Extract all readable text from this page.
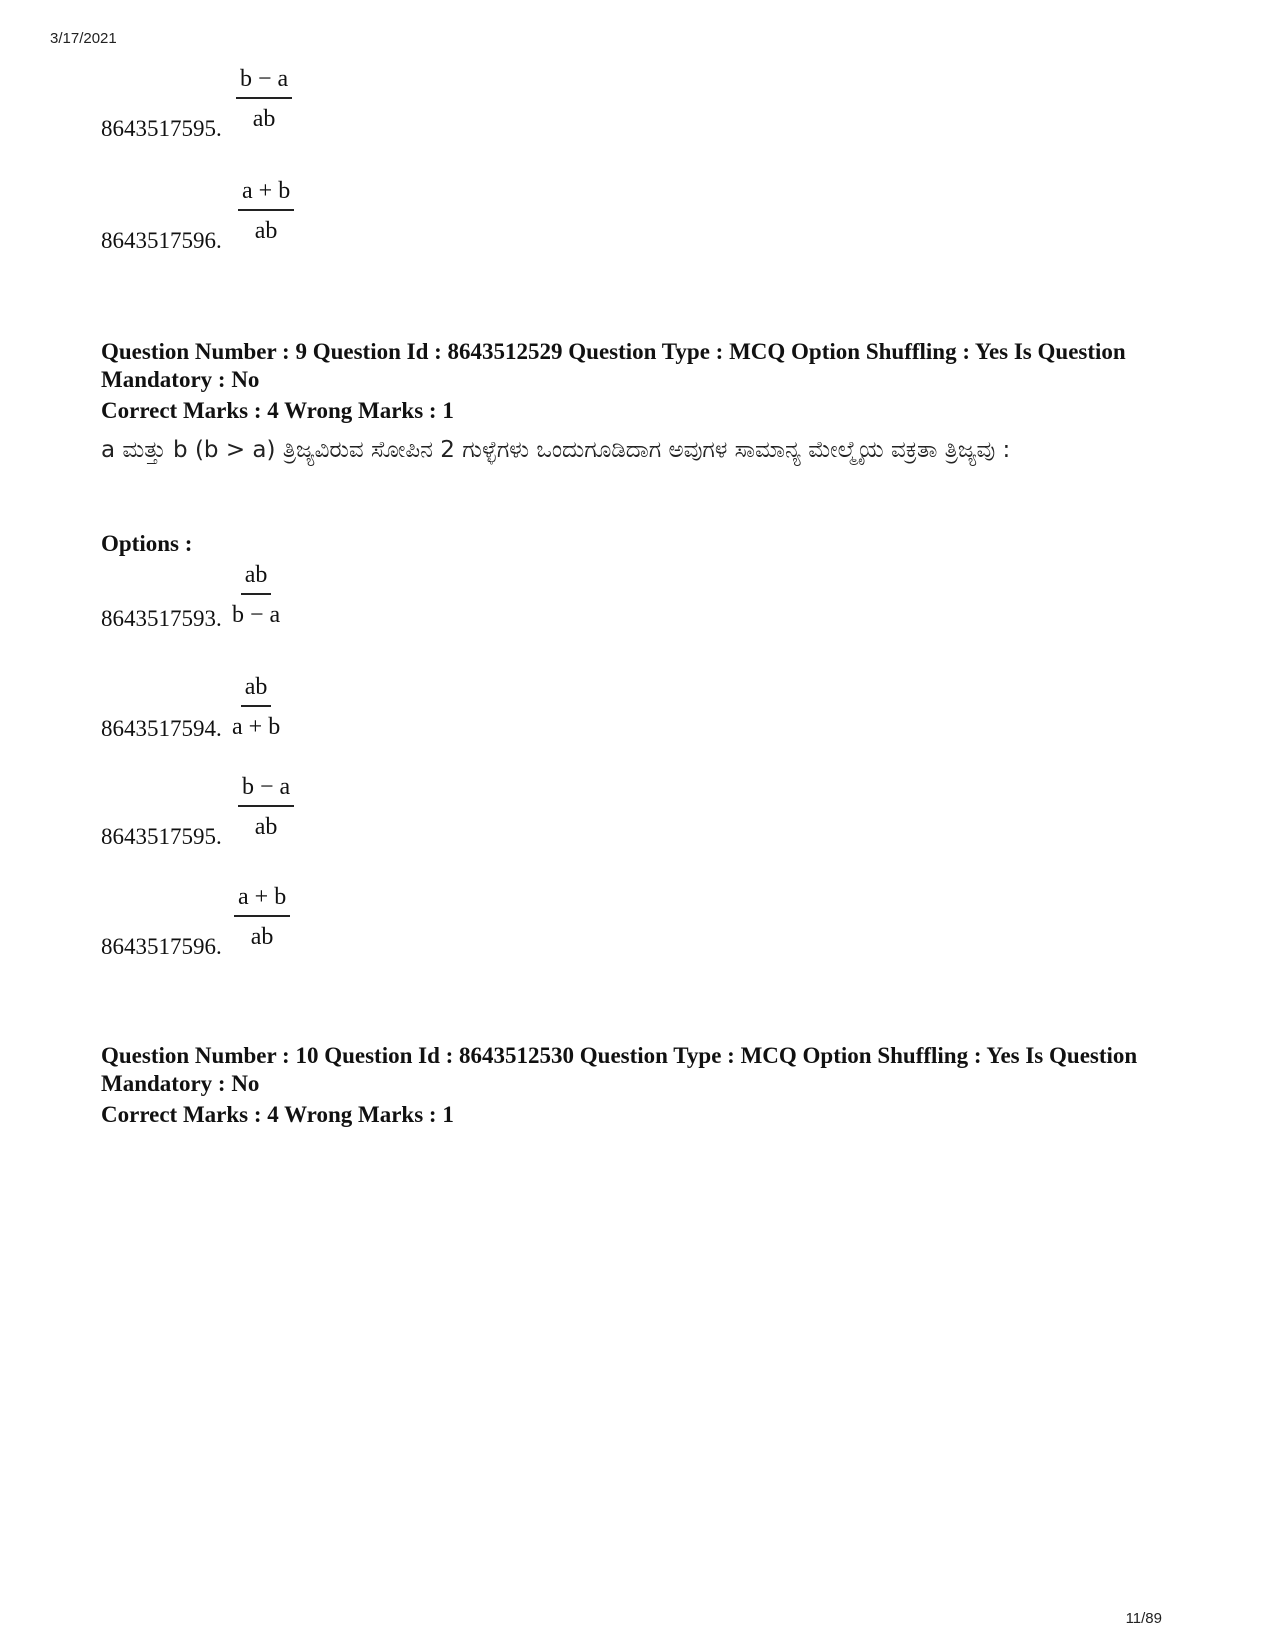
3/17/2021
8643517595. $\frac{b - a}{ab}$
8643517596. $\frac{a + b}{ab}$
Question Number : 9 Question Id : 8643512529 Question Type : MCQ Option Shuffling : Yes Is Question Mandatory : No
Correct Marks : 4 Wrong Marks : 1
a ಮತ್ತು b (b > a) ತ್ರಿಜ್ಯವಿರುವ ಸೋಪಿನ 2 ಗುಳ್ಳೆಗಳು ಒಂದುಗೂಡಿದಾಗ ಅವುಗಳ ಸಾಮಾನ್ಯ ಮೇಲ್ಮೈಯ ವಕ್ರತಾ ತ್ರಿಜ್ಯವು :
Options :
8643517593. $\frac{ab}{b - a}$
8643517594. $\frac{ab}{a + b}$
8643517595. $\frac{b - a}{ab}$
8643517596. $\frac{a + b}{ab}$
Question Number : 10 Question Id : 8643512530 Question Type : MCQ Option Shuffling : Yes Is Question Mandatory : No
Correct Marks : 4 Wrong Marks : 1
11/89
